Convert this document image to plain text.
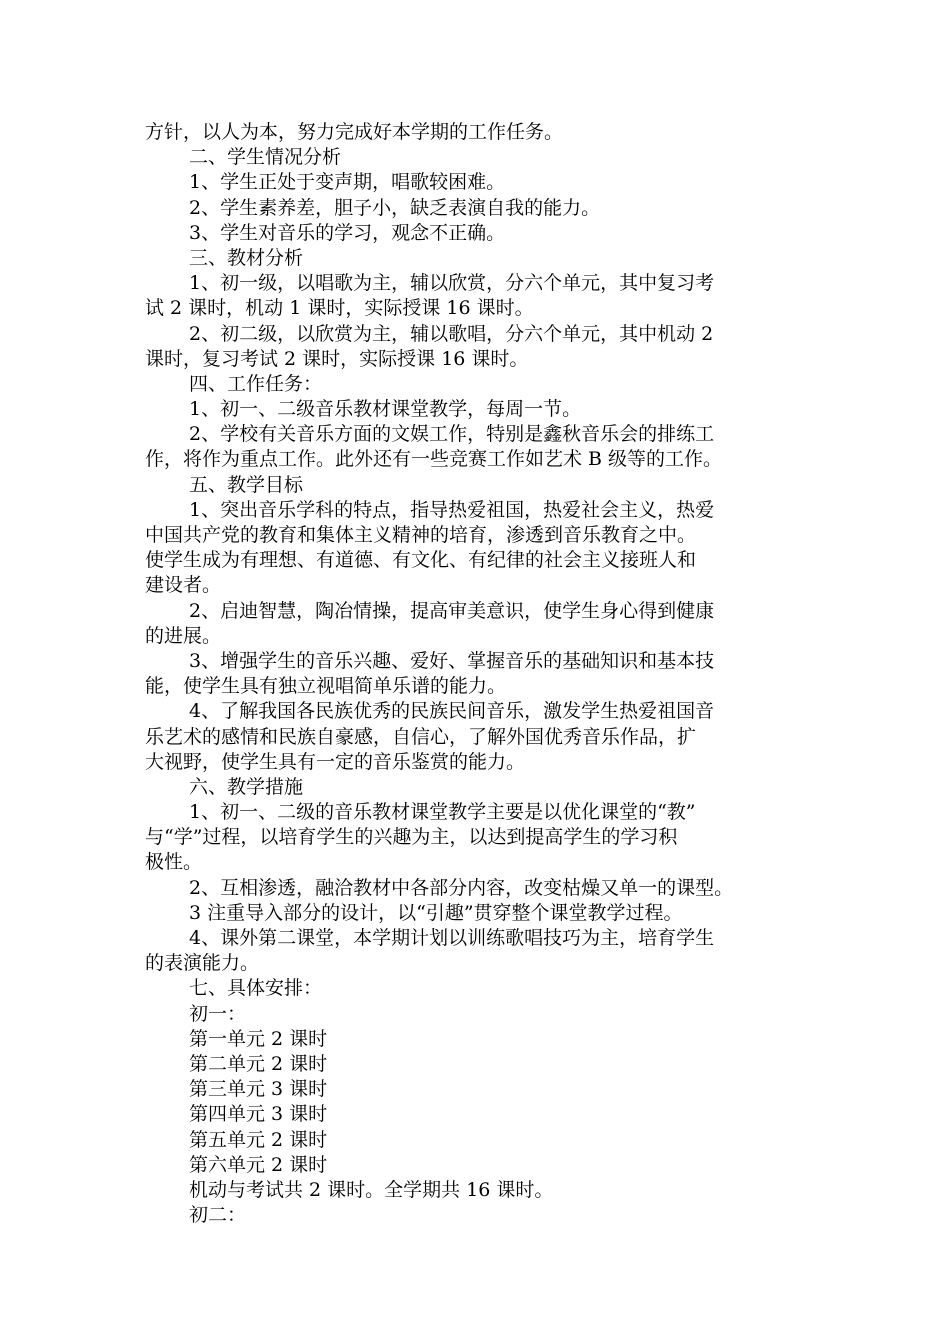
方针，以人为本，努力完成好本学期的工作任务。
二、学生情况分析
1、学生正处于变声期，唱歌较困难。
2、学生素养差，胆子小，缺乏表演自我的能力。
3、学生对音乐的学习，观念不正确。
三、教材分析
1、初一级，以唱歌为主，辅以欣赏，分六个单元，其中复习考
试 2 课时，机动 1 课时，实际授课 16 课时。
2、初二级，以欣赏为主，辅以歌唱，分六个单元，其中机动 2
课时，复习考试 2 课时，实际授课 16 课时。
四、工作任务：
1、初一、二级音乐教材课堂教学，每周一节。
2、学校有关音乐方面的文娱工作，特别是鑫秋音乐会的排练工
作，将作为重点工作。此外还有一些竞赛工作如艺术 B 级等的工作。
五、教学目标
1、突出音乐学科的特点，指导热爱祖国，热爱社会主义，热爱
中国共产党的教育和集体主义精神的培育，渗透到音乐教育之中。
使学生成为有理想、有道德、有文化、有纪律的社会主义接班人和
建设者。
2、启迪智慧，陶冶情操，提高审美意识，使学生身心得到健康
的进展。
3、增强学生的音乐兴趣、爱好、掌握音乐的基础知识和基本技
能，使学生具有独立视唱简单乐谱的能力。
4、了解我国各民族优秀的民族民间音乐，激发学生热爱祖国音
乐艺术的感情和民族自豪感，自信心，了解外国优秀音乐作品，扩
大视野，使学生具有一定的音乐鉴赏的能力。
六、教学措施
1、初一、二级的音乐教材课堂教学主要是以优化课堂的“教”
与“学”过程，以培育学生的兴趣为主，以达到提高学生的学习积
极性。
2、互相渗透，融洽教材中各部分内容，改变枯燥又单一的课型。
3 注重导入部分的设计，以“引趣”贯穿整个课堂教学过程。
4、课外第二课堂，本学期计划以训练歌唱技巧为主，培育学生
的表演能力。
七、具体安排：
初一：
第一单元 2 课时
第二单元 2 课时
第三单元 3 课时
第四单元 3 课时
第五单元 2 课时
第六单元 2 课时
机动与考试共 2 课时。全学期共 16 课时。
初二：
